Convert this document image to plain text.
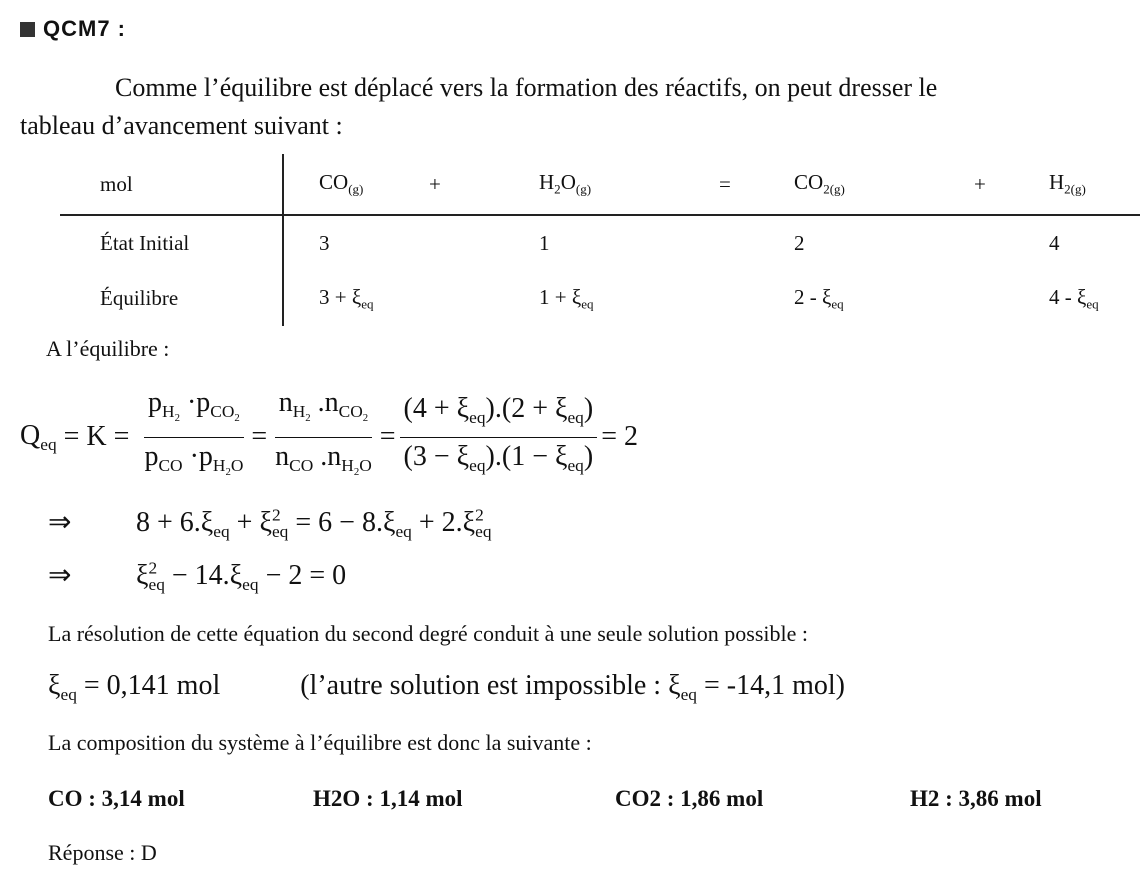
QCM7 :
Comme l’équilibre est déplacé vers la formation des réactifs, on peut dresser le
tableau d’avancement suivant :
mol	$CO_{(g)}$	+	$H_2O_{(g)}$	=	$CO_{2(g)}$	+	$H_{2(g)}$
État Initial	3		1		2		4
Équilibre	$3 + \xi_{eq}$		$1 + \xi_{eq}$		$2 - \xi_{eq}$		$4 - \xi_{eq}$
A l’équilibre :
$Q_{eq} = K = \frac{p_{H_2} \cdot p_{CO_2}}{p_{CO} \cdot p_{H_2O}} = \frac{n_{H_2} .n_{CO_2}}{n_{CO} .n_{H_2O}} = \frac{(4 + \xi_{eq}).(2 + \xi_{eq})}{(3 - \xi_{eq}).(1 - \xi_{eq})} = 2$
⇒ $8 + 6.\xi_{eq} + \xi^2_{eq} = 6 - 8.\xi_{eq} + 2.\xi^2_{eq}$
⇒ $\xi^2_{eq} - 14.\xi_{eq} - 2 = 0$
La résolution de cette équation du second degré conduit à une seule solution possible :
$\xi_{eq} = 0,141$ mol	(l’autre solution est impossible : $\xi_{eq} = -14,1$ mol)
La composition du système à l’équilibre est donc la suivante :
CO : 3,14 mol	H2O : 1,14 mol	CO2 : 1,86 mol	H2 : 3,86 mol
Réponse : D
